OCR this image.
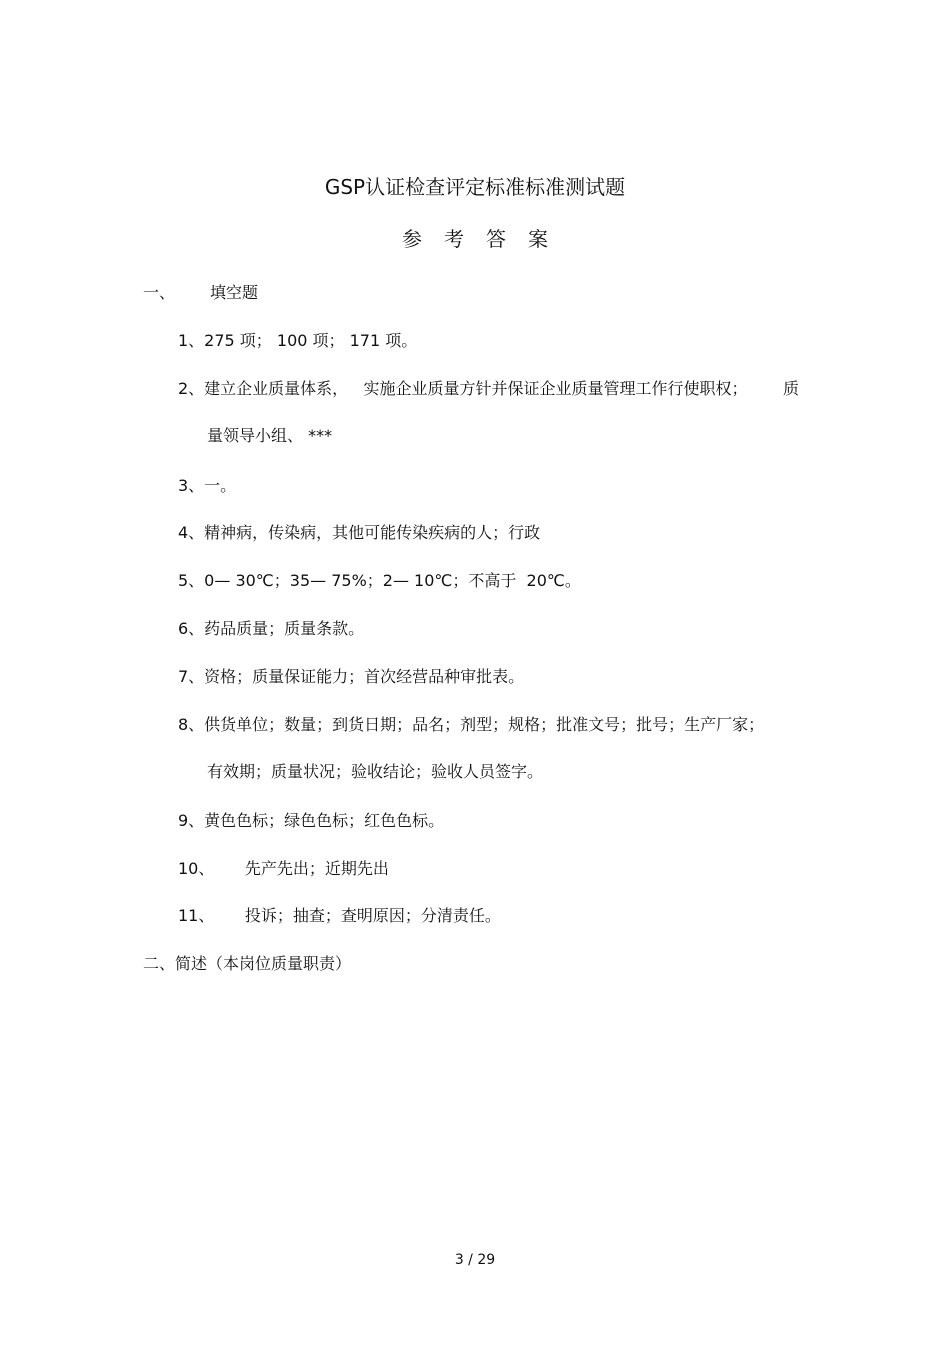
GSP认证检查评定标准标准测试题
参考答案
一、 填空题
1、275 项； 100 项； 171 项。
2、建立企业质量体系，   实施企业质量方针并保证企业质量管理工作行使职权；       质
量领导小组、 ***
3、一。
4、精神病，传染病，其他可能传染疾病的人；行政
5、0— 30℃；35— 75%；2— 10℃；不高于  20℃。
6、药品质量；质量条款。
7、资格；质量保证能力；首次经营品种审批表。
8、供货单位；数量；到货日期；品名；剂型；规格；批准文号；批号；生产厂家；
有效期；质量状况；验收结论；验收人员签字。
9、黄色色标；绿色色标；红色色标。
10、      先产先出；近期先出
11、      投诉；抽查；查明原因；分清责任。
二、简述（本岗位质量职责）
3 / 29
